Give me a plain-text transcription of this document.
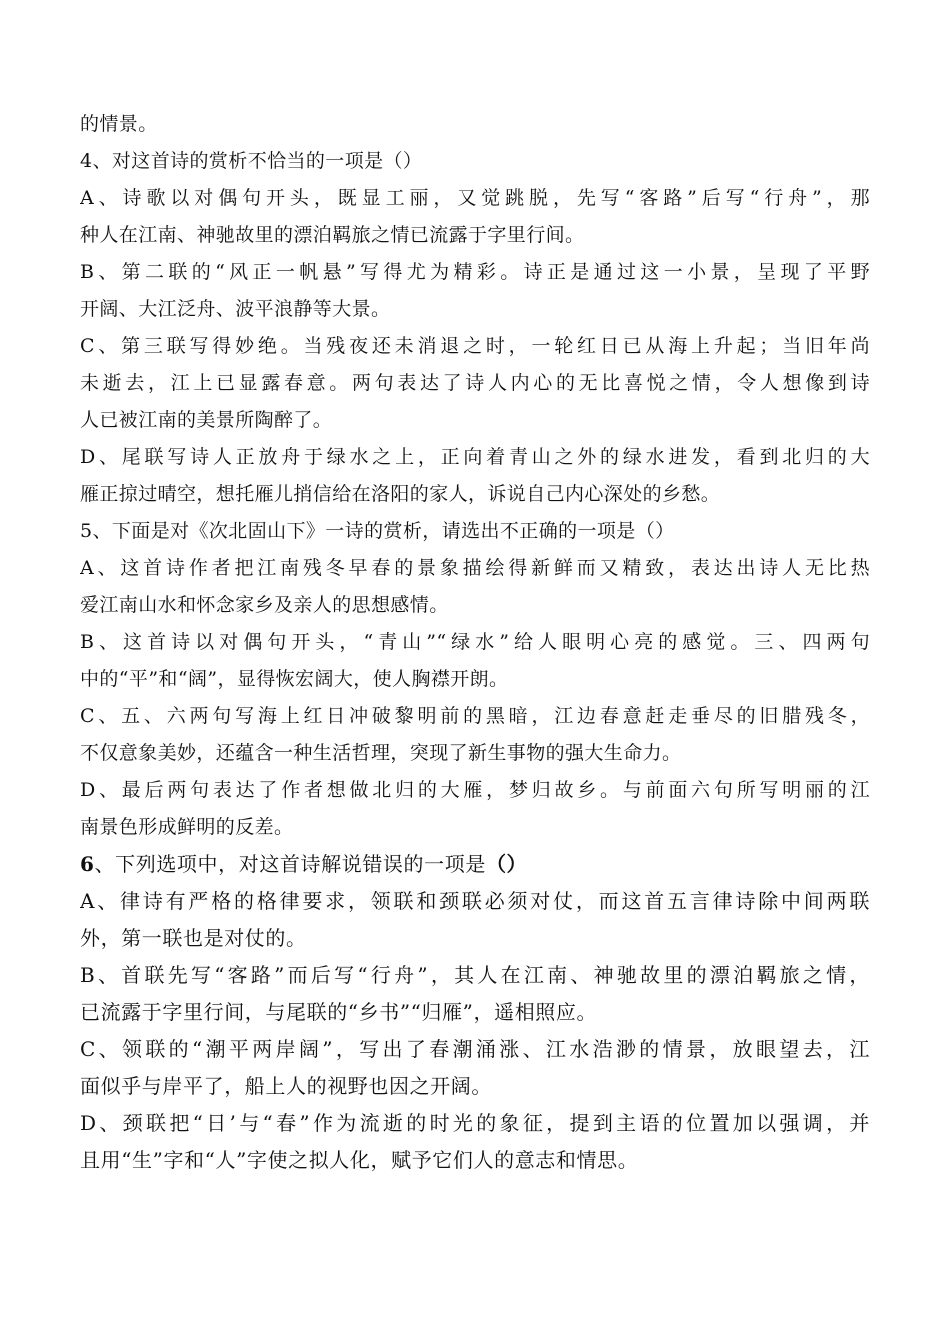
的情景。
4、对这首诗的赏析不恰当的一项是（）
A、诗歌以对偶句开头，既显工丽，又觉跳脱，先写“客路”后写“行舟”，那
种人在江南、神驰故里的漂泊羁旅之情已流露于字里行间。
B、第二联的“风正一帆悬”写得尤为精彩。诗正是通过这一小景，呈现了平野
开阔、大江泛舟、波平浪静等大景。
C、第三联写得妙绝。当残夜还未消退之时，一轮红日已从海上升起；当旧年尚
未逝去，江上已显露春意。两句表达了诗人内心的无比喜悦之情，令人想像到诗
人已被江南的美景所陶醉了。
D、尾联写诗人正放舟于绿水之上，正向着青山之外的绿水进发，看到北归的大
雁正掠过晴空，想托雁儿捎信给在洛阳的家人，诉说自己内心深处的乡愁。
5、下面是对《次北固山下》一诗的赏析，请选出不正确的一项是（）
A、这首诗作者把江南残冬早春的景象描绘得新鲜而又精致，表达出诗人无比热
爱江南山水和怀念家乡及亲人的思想感情。
B、这首诗以对偶句开头，“青山”“绿水”给人眼明心亮的感觉。三、四两句
中的“平”和“阔”，显得恢宏阔大，使人胸襟开朗。
C、五、六两句写海上红日冲破黎明前的黑暗，江边春意赶走垂尽的旧腊残冬，
不仅意象美妙，还蕴含一种生活哲理，突现了新生事物的强大生命力。
D、最后两句表达了作者想做北归的大雁，梦归故乡。与前面六句所写明丽的江
南景色形成鲜明的反差。
6、下列选项中，对这首诗解说错误的一项是（）
A、律诗有严格的格律要求，领联和颈联必须对仗，而这首五言律诗除中间两联
外，第一联也是对仗的。
B、首联先写“客路”而后写“行舟”，其人在江南、神驰故里的漂泊羁旅之情，
已流露于字里行间，与尾联的“乡书”“归雁”，遥相照应。
C、领联的“潮平两岸阔”，写出了春潮涌涨、江水浩渺的情景，放眼望去，江
面似乎与岸平了，船上人的视野也因之开阔。
D、颈联把“日’与“春”作为流逝的时光的象征，提到主语的位置加以强调，并
且用“生”字和“人”字使之拟人化，赋予它们人的意志和情思。
